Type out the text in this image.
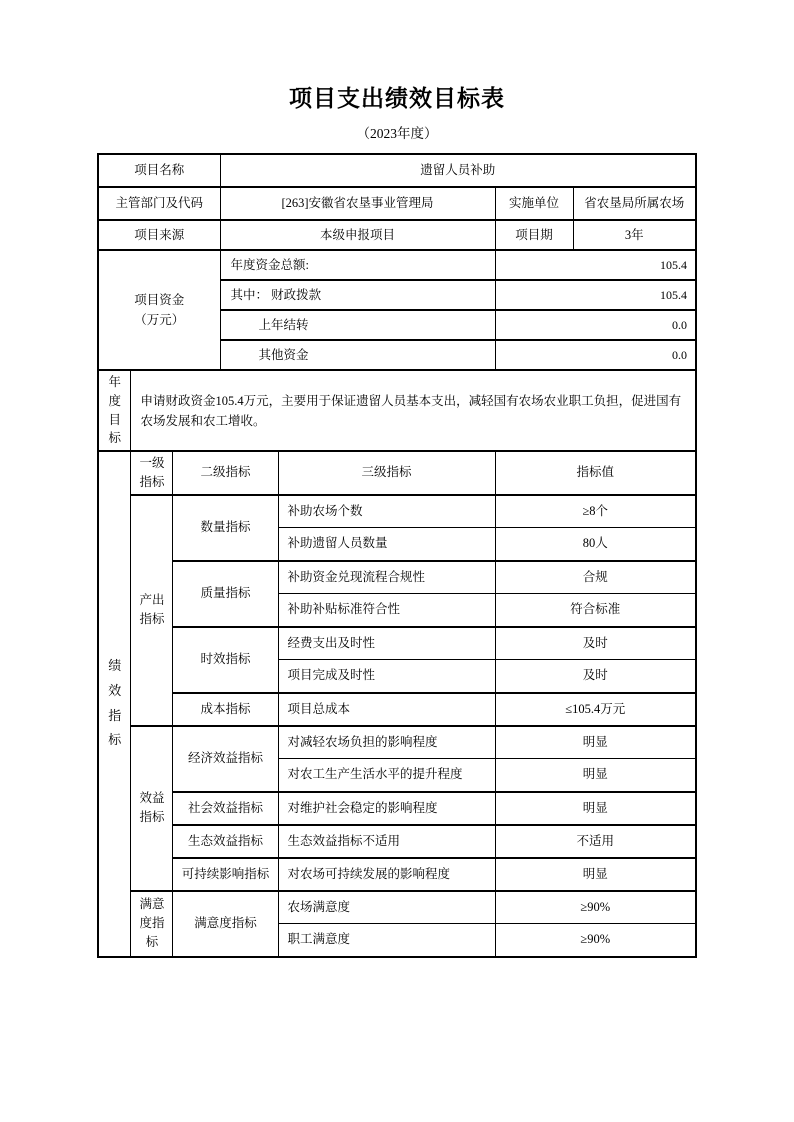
项目支出绩效目标表
（2023年度）
项目名称			遗留人员补助			
主管部门及代码			[263]安徽省农垦事业管理局		实施单位	省农垦局所属农场
项目来源			本级申报项目		项目期	3年

项目资金
（万元）			年度资金总额:		105.4	
			其中： 财政拨款		105.4	
			上年结转		0.0	
			其他资金		0.0	
年度目标	申请财政资金105.4万元，主要用于保证遗留人员基本支出，减轻国有农场农业职工负担，促进国有农场发展和农工增收。					

绩效指标	一级指标	二级指标		三级指标	指标值	
	产出指标	数量指标		补助农场个数	≥8个	
				补助遗留人员数量	80人	
		质量指标		补助资金兑现流程合规性	合规	
				补助补贴标准符合性	符合标准	
		时效指标		经费支出及时性	及时	
				项目完成及时性	及时	
		成本指标		项目总成本	≤105.4万元	
	效益指标	经济效益指标		对减轻农场负担的影响程度	明显	
				对农工生产生活水平的提升程度	明显	
		社会效益指标		对维护社会稳定的影响程度	明显	
		生态效益指标		生态效益指标不适用	不适用	
		可持续影响指标		对农场可持续发展的影响程度	明显	
	满意度指标	满意度指标		农场满意度	≥90%	
				职工满意度	≥90%	
